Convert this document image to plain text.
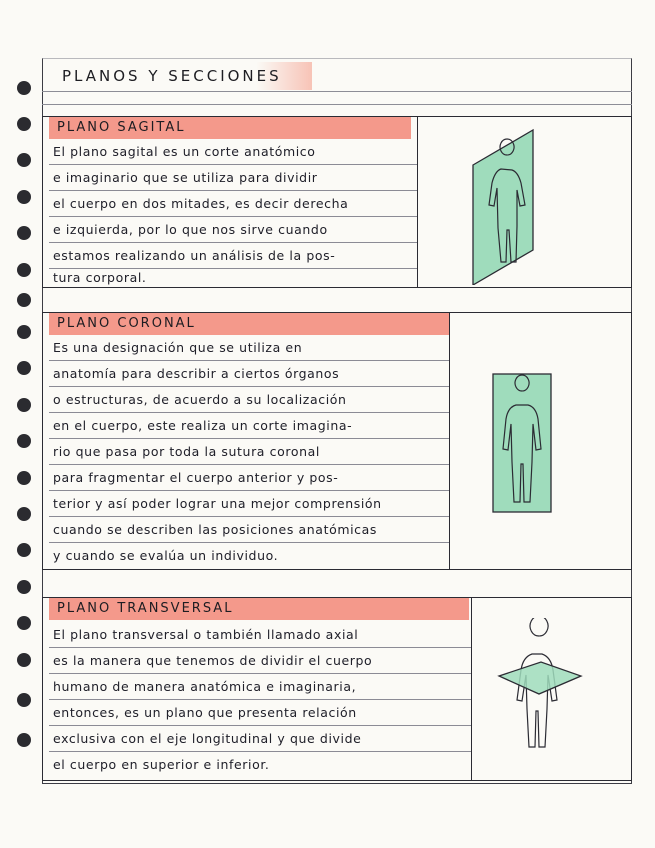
PLANOS Y SECCIONES
PLANO SAGITAL
El plano sagital es un corte anatómico
e imaginario que se utiliza para dividir
el cuerpo en dos mitades, es decir derecha
e izquierda, por lo que nos sirve cuando
estamos realizando un análisis de la pos-
tura corporal.
PLANO CORONAL
Es una designación que se utiliza en
anatomía para describir a ciertos órganos
o estructuras, de acuerdo a su localización
en el cuerpo, este realiza un corte imagina-
rio que pasa por toda la sutura coronal
para fragmentar el cuerpo anterior y pos-
terior y así poder lograr una mejor comprensión
cuando se describen las posiciones anatómicas
y cuando se evalúa un individuo.
PLANO TRANSVERSAL
El plano transversal o también llamado axial
es la manera que tenemos de dividir el cuerpo
humano de manera anatómica e imaginaria,
entonces, es un plano que presenta relación
exclusiva con el eje longitudinal y que divide
el cuerpo en superior e inferior.
